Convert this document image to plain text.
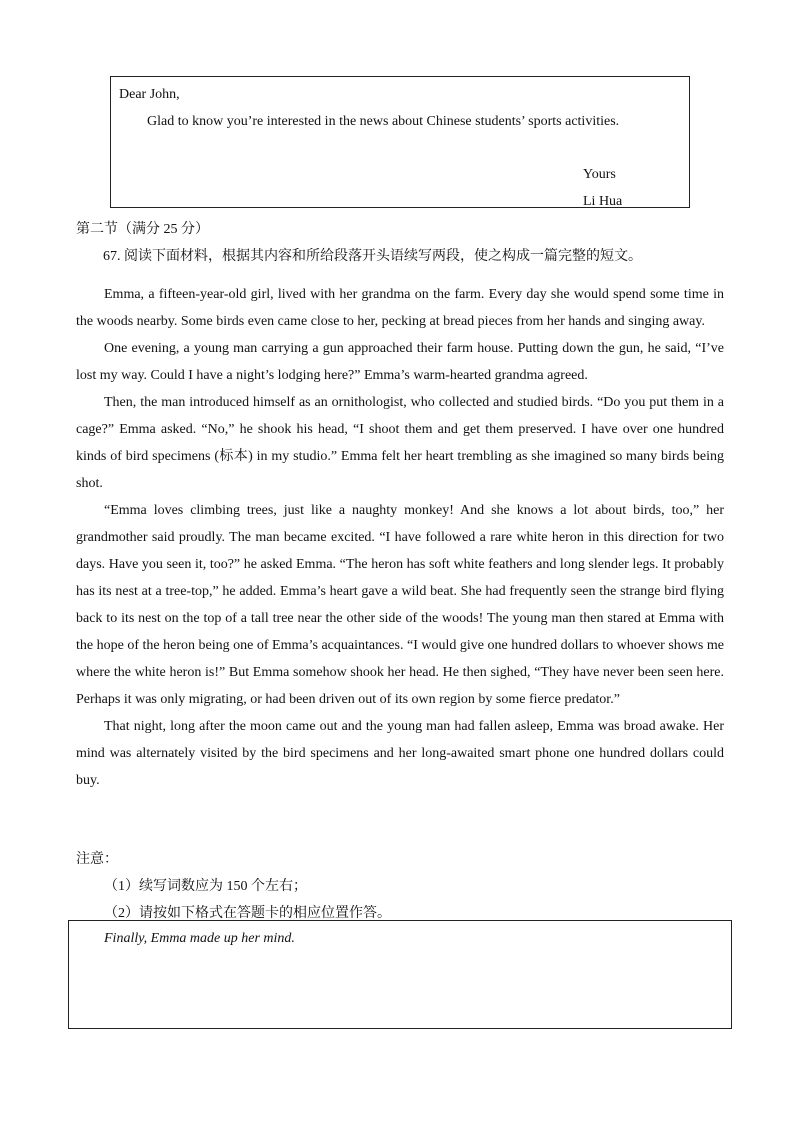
Dear John,
Glad to know you’re interested in the news about Chinese students’ sports activities.
Yours
Li Hua
第二节（满分 25 分）
67. 阅读下面材料，根据其内容和所给段落开头语续写两段，使之构成一篇完整的短文。

Emma, a fifteen-year-old girl, lived with her grandma on the farm. Every day she would spend some time in the woods nearby. Some birds even came close to her, pecking at bread pieces from her hands and singing away.

One evening, a young man carrying a gun approached their farm house. Putting down the gun, he said, “I’ve lost my way. Could I have a night’s lodging here?” Emma’s warm-hearted grandma agreed.

Then, the man introduced himself as an ornithologist, who collected and studied birds. “Do you put them in a cage?” Emma asked. “No,” he shook his head, “I shoot them and get them preserved. I have over one hundred kinds of bird specimens (标本) in my studio.” Emma felt her heart trembling as she imagined so many birds being shot.

“Emma loves climbing trees, just like a naughty monkey! And she knows a lot about birds, too,” her grandmother said proudly. The man became excited. “I have followed a rare white heron in this direction for two days. Have you seen it, too?” he asked Emma. “The heron has soft white feathers and long slender legs. It probably has its nest at a tree-top,” he added. Emma’s heart gave a wild beat. She had frequently seen the strange bird flying back to its nest on the top of a tall tree near the other side of the woods! The young man then stared at Emma with the hope of the heron being one of Emma’s acquaintances. “I would give one hundred dollars to whoever shows me where the white heron is!” But Emma somehow shook her head. He then sighed, “They have never been seen here. Perhaps it was only migrating, or had been driven out of its own region by some fierce predator.”

That night, long after the moon came out and the young man had fallen asleep, Emma was broad awake. Her mind was alternately visited by the bird specimens and her long-awaited smart phone one hundred dollars could buy.

注意：
（1）续写词数应为 150 个左右；
（2）请按如下格式在答题卡的相应位置作答。
Finally, Emma made up her mind.
